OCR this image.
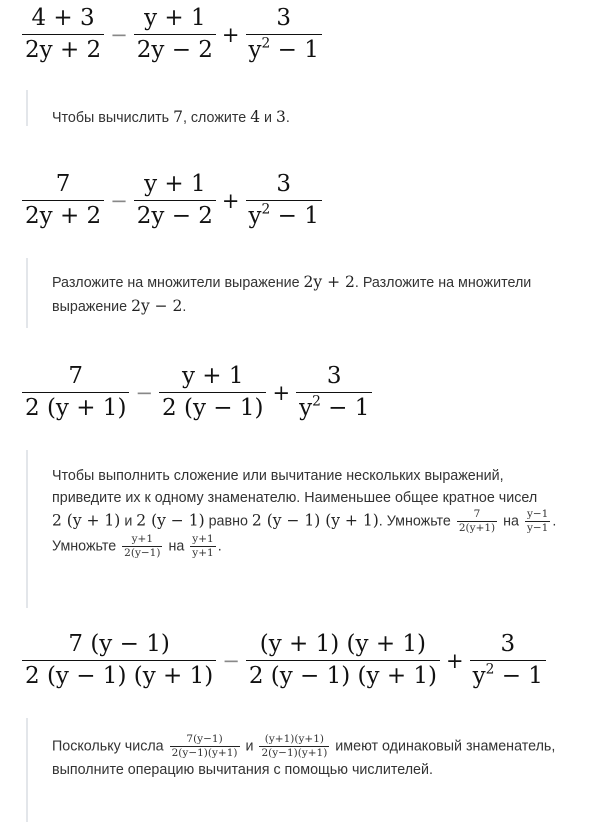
$\frac{4 + 3}{2y + 2} - \frac{y + 1}{2y - 2} + \frac{3}{y^2 - 1}$
Чтобы вычислить 7, сложите 4 и 3.
$\frac{7}{2y + 2} - \frac{y + 1}{2y - 2} + \frac{3}{y^2 - 1}$
Разложите на множители выражение 2y + 2. Разложите на множители выражение 2y − 2.
$\frac{7}{2 (y + 1)} - \frac{y + 1}{2 (y - 1)} + \frac{3}{y^2 - 1}$
Чтобы выполнить сложение или вычитание нескольких выражений, приведите их к одному знаменателю. Наименьшее общее кратное чисел 2 (y + 1) и 2 (y − 1) равно 2 (y − 1) (y + 1). Умножьте $\frac{7}{2(y+1)}$ на $\frac{y-1}{y-1}$ . Умножьте $\frac{y+1}{2(y-1)}$ на $\frac{y+1}{y+1}$ .
$\frac{7 (y - 1)}{2 (y - 1) (y + 1)} - \frac{(y + 1) (y + 1)}{2 (y - 1) (y + 1)} + \frac{3}{y^2 - 1}$
Поскольку числа $\frac{7(y-1)}{2(y-1)(y+1)}$ и $\frac{(y+1)(y+1)}{2(y-1)(y+1)}$ имеют одинаковый знаменатель, выполните операцию вычитания с помощью числителей.
